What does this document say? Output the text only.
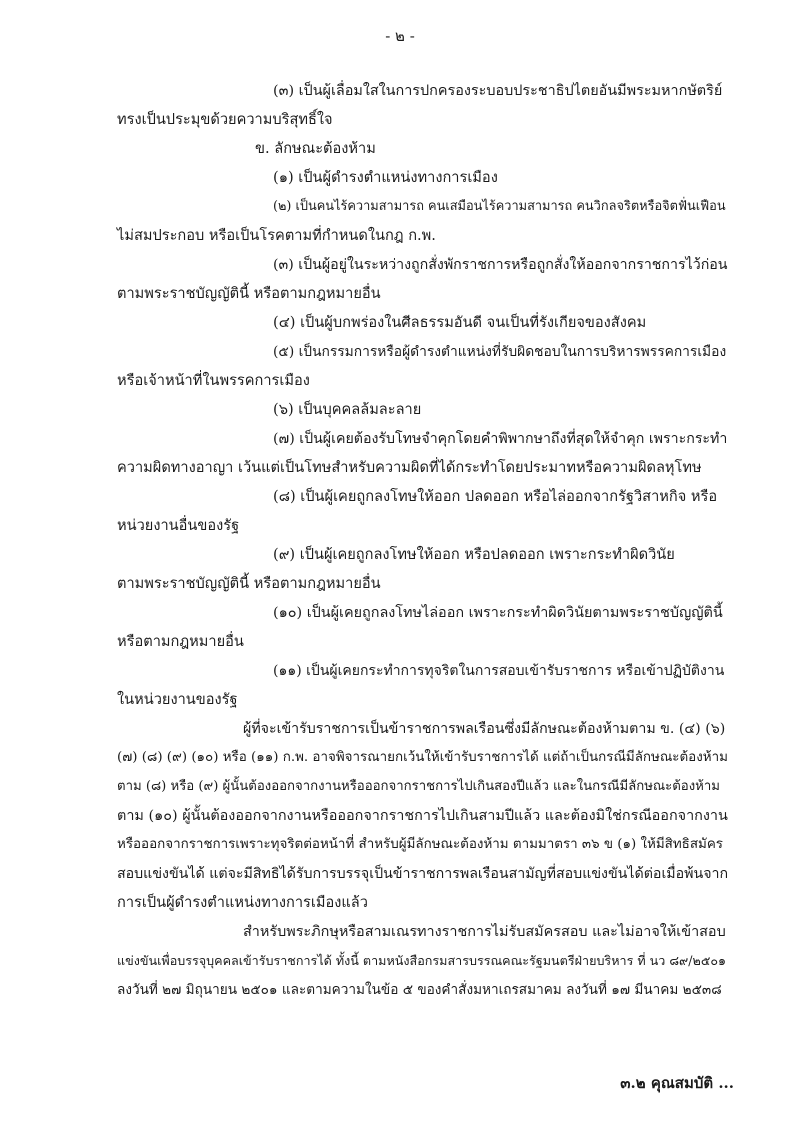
- ๒ -
(๓) เป็นผู้เลื่อมใสในการปกครองระบอบประชาธิปไตยอันมีพระมหากษัตริย์
ทรงเป็นประมุขด้วยความบริสุทธิ์ใจ
ข. ลักษณะต้องห้าม
(๑) เป็นผู้ดำรงตำแหน่งทางการเมือง
(๒) เป็นคนไร้ความสามารถ คนเสมือนไร้ความสามารถ คนวิกลจริตหรือจิตฟั่นเฟือน
ไม่สมประกอบ หรือเป็นโรคตามที่กำหนดในกฎ ก.พ.
(๓) เป็นผู้อยู่ในระหว่างถูกสั่งพักราชการหรือถูกสั่งให้ออกจากราชการไว้ก่อน
ตามพระราชบัญญัตินี้ หรือตามกฎหมายอื่น
(๔) เป็นผู้บกพร่องในศีลธรรมอันดี จนเป็นที่รังเกียจของสังคม
(๕) เป็นกรรมการหรือผู้ดำรงตำแหน่งที่รับผิดชอบในการบริหารพรรคการเมือง
หรือเจ้าหน้าที่ในพรรคการเมือง
(๖) เป็นบุคคลล้มละลาย
(๗) เป็นผู้เคยต้องรับโทษจำคุกโดยคำพิพากษาถึงที่สุดให้จำคุก เพราะกระทำ
ความผิดทางอาญา เว้นแต่เป็นโทษสำหรับความผิดที่ได้กระทำโดยประมาทหรือความผิดลหุโทษ
(๘) เป็นผู้เคยถูกลงโทษให้ออก ปลดออก หรือไล่ออกจากรัฐวิสาหกิจ หรือ
หน่วยงานอื่นของรัฐ
(๙) เป็นผู้เคยถูกลงโทษให้ออก หรือปลดออก เพราะกระทำผิดวินัย
ตามพระราชบัญญัตินี้ หรือตามกฎหมายอื่น
(๑๐) เป็นผู้เคยถูกลงโทษไล่ออก เพราะกระทำผิดวินัยตามพระราชบัญญัตินี้
หรือตามกฎหมายอื่น
(๑๑) เป็นผู้เคยกระทำการทุจริตในการสอบเข้ารับราชการ หรือเข้าปฏิบัติงาน
ในหน่วยงานของรัฐ
ผู้ที่จะเข้ารับราชการเป็นข้าราชการพลเรือนซึ่งมีลักษณะต้องห้ามตาม ข. (๔) (๖)
(๗) (๘) (๙) (๑๐) หรือ (๑๑) ก.พ. อาจพิจารณายกเว้นให้เข้ารับราชการได้ แต่ถ้าเป็นกรณีมีลักษณะต้องห้าม
ตาม (๘) หรือ (๙) ผู้นั้นต้องออกจากงานหรือออกจากราชการไปเกินสองปีแล้ว และในกรณีมีลักษณะต้องห้าม
ตาม (๑๐) ผู้นั้นต้องออกจากงานหรือออกจากราชการไปเกินสามปีแล้ว และต้องมิใช่กรณีออกจากงาน
หรือออกจากราชการเพราะทุจริตต่อหน้าที่ สำหรับผู้มีลักษณะต้องห้าม ตามมาตรา ๓๖ ข (๑) ให้มีสิทธิสมัคร
สอบแข่งขันได้ แต่จะมีสิทธิได้รับการบรรจุเป็นข้าราชการพลเรือนสามัญที่สอบแข่งขันได้ต่อเมื่อพ้นจาก
การเป็นผู้ดำรงตำแหน่งทางการเมืองแล้ว
สำหรับพระภิกษุหรือสามเณรทางราชการไม่รับสมัครสอบ และไม่อาจให้เข้าสอบ
แข่งขันเพื่อบรรจุบุคคลเข้ารับราชการได้ ทั้งนี้ ตามหนังสือกรมสารบรรณคณะรัฐมนตรีฝ่ายบริหาร ที่ นว ๘๙/๒๕๐๑
ลงวันที่ ๒๗ มิถุนายน ๒๕๐๑ และตามความในข้อ ๕ ของคำสั่งมหาเถรสมาคม ลงวันที่ ๑๗ มีนาคม ๒๕๓๘
๓.๒ คุณสมบัติ ...
